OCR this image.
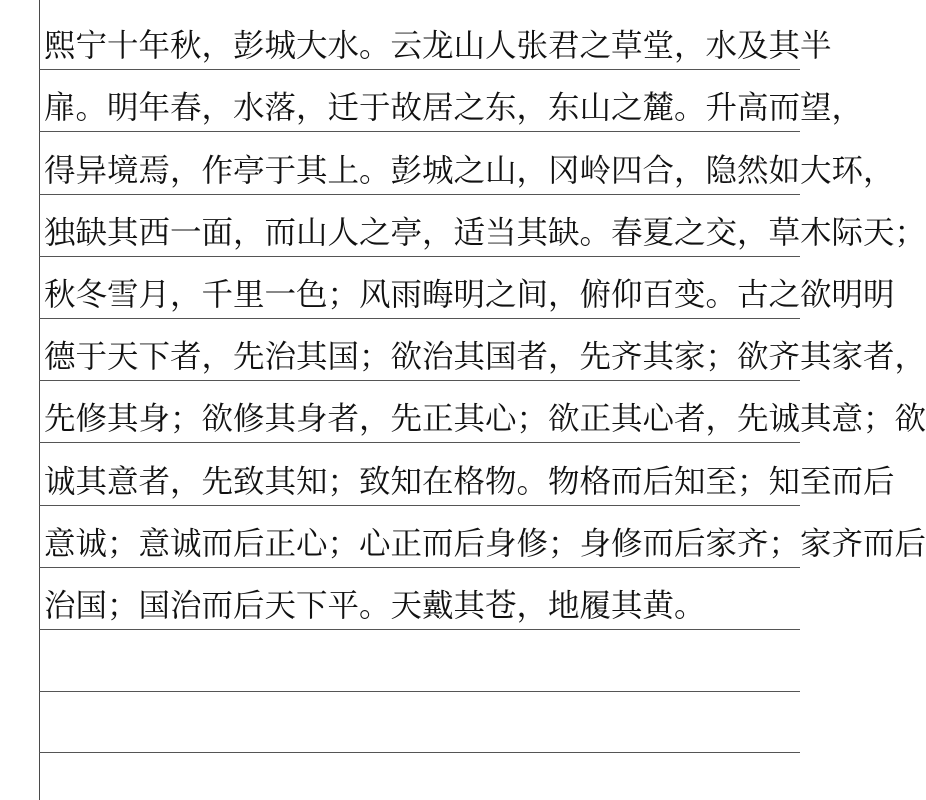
熙宁十年秋，彭城大水。云龙山人张君之草堂，水及其半
扉。明年春，水落，迁于故居之东，东山之麓。升高而望，
得异境焉，作亭于其上。彭城之山，冈岭四合，隐然如大环，
独缺其西一面，而山人之亭，适当其缺。春夏之交，草木际天；
秋冬雪月，千里一色；风雨晦明之间，俯仰百变。古之欲明明
德于天下者，先治其国；欲治其国者，先齐其家；欲齐其家者，
先修其身；欲修其身者，先正其心；欲正其心者，先诚其意；欲
诚其意者，先致其知；致知在格物。物格而后知至；知至而后
意诚；意诚而后正心；心正而后身修；身修而后家齐；家齐而后
治国；国治而后天下平。天戴其苍，地履其黄。
